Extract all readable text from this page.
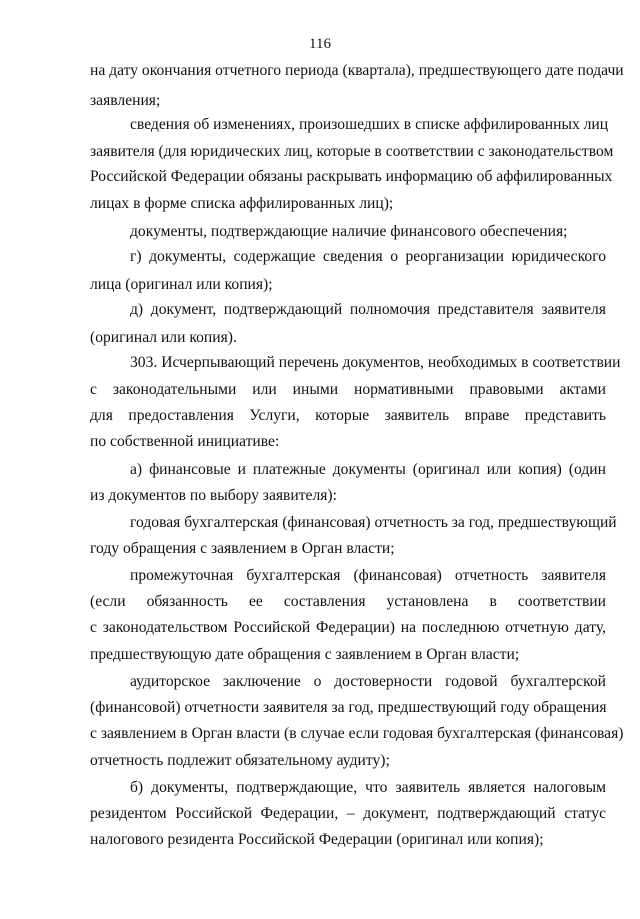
116
на дату окончания отчетного периода (квартала), предшествующего дате подачи
заявления;
сведения об изменениях, произошедших в списке аффилированных лиц
заявителя (для юридических лиц, которые в соответствии с законодательством
Российской Федерации обязаны раскрывать информацию об аффилированных
лицах в форме списка аффилированных лиц);
документы, подтверждающие наличие финансового обеспечения;
г) документы, содержащие сведения о реорганизации юридического
лица (оригинал или копия);
д) документ, подтверждающий полномочия представителя заявителя
(оригинал или копия).
303. Исчерпывающий перечень документов, необходимых в соответствии
с законодательными или иными нормативными правовыми актами
для предоставления Услуги, которые заявитель вправе представить
по собственной инициативе:
а) финансовые и платежные документы (оригинал или копия) (один
из документов по выбору заявителя):
годовая бухгалтерская (финансовая) отчетность за год, предшествующий
году обращения с заявлением в Орган власти;
промежуточная бухгалтерская (финансовая) отчетность заявителя
(если обязанность ее составления установлена в соответствии
с законодательством Российской Федерации) на последнюю отчетную дату,
предшествующую дате обращения с заявлением в Орган власти;
аудиторское заключение о достоверности годовой бухгалтерской
(финансовой) отчетности заявителя за год, предшествующий году обращения
с заявлением в Орган власти (в случае если годовая бухгалтерская (финансовая)
отчетность подлежит обязательному аудиту);
б) документы, подтверждающие, что заявитель является налоговым
резидентом Российской Федерации, – документ, подтверждающий статус
налогового резидента Российской Федерации (оригинал или копия);
